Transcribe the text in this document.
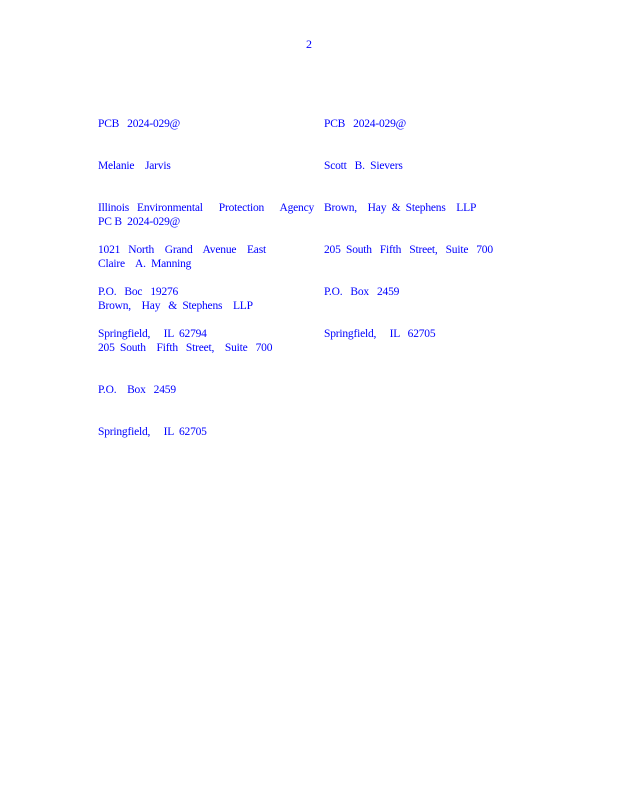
2

PCB   2024-029@

Melanie    Jarvis

Illinois   Environmental      Protection      Agency

1021   North    Grand    Avenue    East

P.O.   Boc   19276

Springfield,     IL  62794

PCB   2024-029@

Scott   B.  Sievers

Brown,    Hay  &  Stephens    LLP

205  South   Fifth   Street,   Suite   700

P.O.   Box   2459

Springfield,     IL   62705

PC B  2024-029@

Claire    A.  Manning

Brown,    Hay   &  Stephens    LLP

205  South    Fifth   Street,    Suite   700

P.O.    Box   2459

Springfield,     IL  62705
